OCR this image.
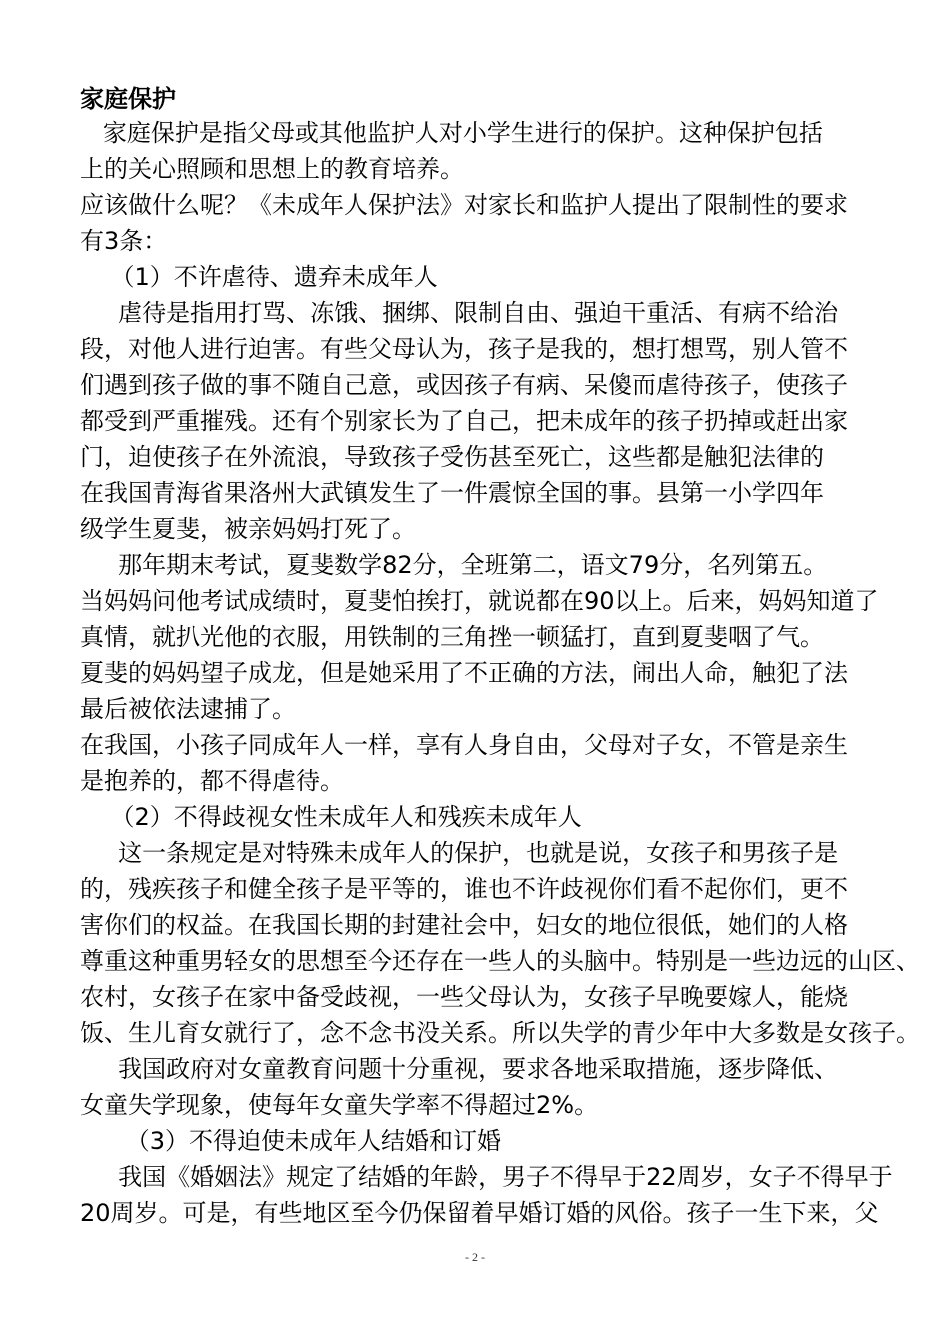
家庭保护
家庭保护是指父母或其他监护人对小学生进行的保护。这种保护包括
上的关心照顾和思想上的教育培养。
应该做什么呢？《未成年人保护法》对家长和监护人提出了限制性的要求
有3条：
（1）不许虐待、遗弃未成年人
虐待是指用打骂、冻饿、捆绑、限制自由、强迫干重活、有病不给治
段，对他人进行迫害。有些父母认为，孩子是我的，想打想骂，别人管不
们遇到孩子做的事不随自己意，或因孩子有病、呆傻而虐待孩子，使孩子
都受到严重摧残。还有个别家长为了自己，把未成年的孩子扔掉或赶出家
门，迫使孩子在外流浪，导致孩子受伤甚至死亡，这些都是触犯法律的
在我国青海省果洛州大武镇发生了一件震惊全国的事。县第一小学四年
级学生夏斐，被亲妈妈打死了。
那年期末考试，夏斐数学82分，全班第二，语文79分，名列第五。
当妈妈问他考试成绩时，夏斐怕挨打，就说都在90以上。后来，妈妈知道了
真情，就扒光他的衣服，用铁制的三角挫一顿猛打，直到夏斐咽了气。
夏斐的妈妈望子成龙，但是她采用了不正确的方法，闹出人命，触犯了法
最后被依法逮捕了。
在我国，小孩子同成年人一样，享有人身自由，父母对子女，不管是亲生
是抱养的，都不得虐待。
（2）不得歧视女性未成年人和残疾未成年人
这一条规定是对特殊未成年人的保护，也就是说，女孩子和男孩子是
的，残疾孩子和健全孩子是平等的，谁也不许歧视你们看不起你们，更不
害你们的权益。在我国长期的封建社会中，妇女的地位很低，她们的人格
尊重这种重男轻女的思想至今还存在一些人的头脑中。特别是一些边远的山区、
农村，女孩子在家中备受歧视，一些父母认为，女孩子早晚要嫁人，能烧
饭、生儿育女就行了，念不念书没关系。所以失学的青少年中大多数是女孩子。
我国政府对女童教育问题十分重视，要求各地采取措施，逐步降低、
女童失学现象，使每年女童失学率不得超过2%。
（3）不得迫使未成年人结婚和订婚
我国《婚姻法》规定了结婚的年龄，男子不得早于22周岁，女子不得早于
20周岁。可是，有些地区至今仍保留着早婚订婚的风俗。孩子一生下来，父
- 2 -
